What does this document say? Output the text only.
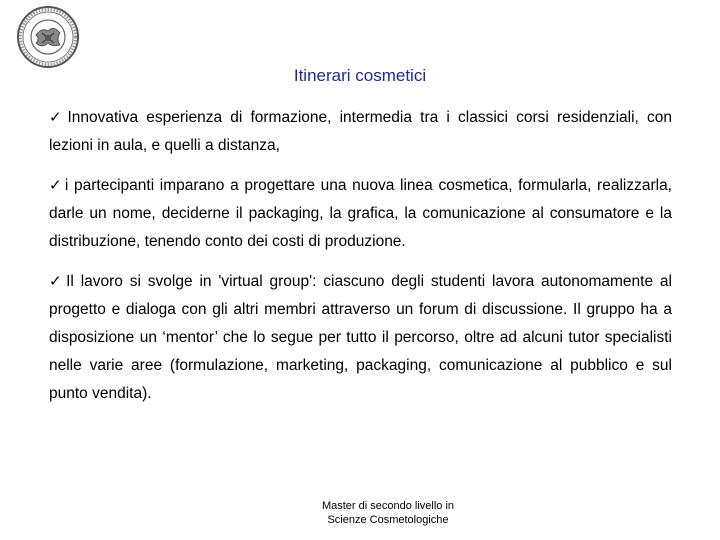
Itinerari cosmetici
✓ Innovativa esperienza di formazione, intermedia tra i classici corsi residenziali, con lezioni in aula, e quelli a distanza,
✓ i partecipanti imparano a progettare una nuova linea cosmetica, formularla, realizzarla, darle un nome, deciderne il packaging, la grafica, la comunicazione al consumatore e la distribuzione, tenendo conto dei costi di produzione.
✓ Il lavoro si svolge in 'virtual group': ciascuno degli studenti lavora autonomamente al progetto e dialoga con gli altri membri attraverso un forum di discussione. Il gruppo ha a disposizione un ‘mentor’ che lo segue per tutto il percorso, oltre ad alcuni tutor specialisti nelle varie aree (formulazione, marketing, packaging, comunicazione al pubblico e sul punto vendita).
Master di secondo livello in
Scienze Cosmetologiche
